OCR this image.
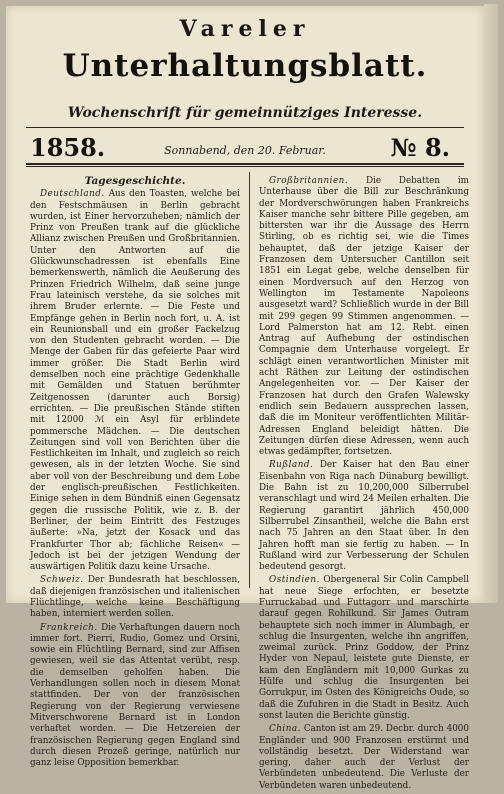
Vareler
Unterhaltungsblatt.
Wochenschrift für gemeinnütziges Interesse.
1858.	Sonnabend, den 20. Februar.	№ 8.

Tagesgeschichte.

Deutschland. Aus den Toasten, welche bei den Festschmäusen in Berlin gebracht wurden, ist Einer hervorzuheben; nämlich der Prinz von Preußen trank auf die glückliche Allianz zwischen Preußen und Großbritannien. Unter den Antworten auf die Glückwunschadressen ist ebenfalls Eine bemerkenswerth, nämlich die Aeußerung des Prinzen Friedrich Wilhelm, daß seine junge Frau lateinisch verstehe, da sie solches mit ihrem Bruder erlernte. — Die Feste und Empfänge gehen in Berlin noch fort, u. A. ist ein Reunionsball und ein großer Fackelzug von den Studenten gebracht worden. — Die Menge der Gaben für das gefeierte Paar wird immer größer. Die Stadt Berlin wird demselben noch eine prächtige Gedenkhalle mit Gemälden und Statuen berühmter Zeitgenossen (darunter auch Borsig) errichten. — Die preußischen Stände stiften mit 12000 ℳ ein Asyl für erblindete pommersche Mädchen. — Die deutschen Zeitungen sind voll von Berichten über die Festlichkeiten im Inhalt, und zugleich so reich gewesen, als in der letzten Woche. Sie sind aber voll von der Beschreibung und dem Lobe der englisch-preußischen Festlichkeiten. Einige sehen in dem Bündniß einen Gegensatz gegen die russische Politik, wie z. B. der Berliner, der beim Eintritt des Festzuges äußerte: »Na, jetzt der Kosack und das Frankfurter Thor ab; fächliche Reisen« — Jedoch ist bei der jetzigen Wendung der auswärtigen Politik dazu keine Ursache.

Schweiz. Der Bundesrath hat beschlossen, daß diejenigen französischen und italienischen Flüchtlinge, welche keine Beschäftigung haben, interniert werden sollen.

Frankreich. Die Verhaftungen dauern noch immer fort. Pierri, Rudio, Gomez und Orsini, sowie ein Flüchtling Bernard, sind zur Affisen gewiesen, weil sie das Attentat verübt, resp. die demselben geholfen haben. Die Verhandlungen sollen noch in diesem Monat stattfinden. Der von der französischen Regierung von der Regierung verwiesene Mitverschworene Bernard ist in London verhaftet worden. — Die Hetzereien der französischen Regierung gegen England sind durch diesen Prozeß geringe, natürlich nur ganz leise Opposition bemerkbar.

Großbritannien. Die Debatten im Unterhause über die Bill zur Beschränkung der Mordverschwörungen haben Frankreichs Kaiser manche sehr bittere Pille gegeben, am bittersten war ihr die Aussage des Herrn Stirling, ob es richtig sei, wie die Times behauptet, daß der jetzige Kaiser der Franzosen dem Untersucher Cantillon seit 1851 ein Legat gebe, welche denselben für einen Mordversuch auf den Herzog von Wellington im Testamente Napoleons ausgesetzt ward? Schließlich wurde in der Bill mit 299 gegen 99 Stimmen angenommen. — Lord Palmerston hat am 12. Rebt. einen Antrag auf Aufhebung der ostindischen Compagnie dem Unterhause vorgelegt. Er schlägt einen verantwortlichen Minister mit acht Räthen zur Leitung der ostindischen Angelegenheiten vor. — Der Kaiser der Franzosen hat durch den Grafen Walewsky endlich sein Bedauern aussprechen lassen, daß die im Moniteur veröffentlichten Militär-Adressen England beleidigt hätten. Die Zeitungen dürfen diese Adressen, wenn auch etwas gedämpfter, fortsetzen.

Rußland. Der Kaiser hat den Bau einer Eisenbahn von Riga nach Dünaburg bewilligt. Die Bahn ist zu 10,200,000 Silberrubel veranschlagt und wird 24 Meilen erhalten. Die Regierung garantirt jährlich 450,000 Silberrubel Zinsantheil, welche die Bahn erst nach 75 Jahren an den Staat über. In den Jahren hofft man sie fertig zu haben. — In Rußland wird zur Verbesserung der Schulen bedeutend gesorgt.

Ostindien. Obergeneral Sir Colin Campbell hat neue Siege erfochten, er besetzte Furruckabad und Futtagorr und marschirte darauf gegen Rohilkund. Sir James Outram behauptete sich noch immer in Alumbagh, er schlug die Insurgenten, welche ihn angriffen, zweimal zurück. Prinz Goddow, der Prinz Hyder von Nepaul, leistete gute Dienste, er kam den Engländern mit 10,000 Gurkas zu Hülfe und schlug die Insurgenten bei Gorrukpur, im Osten des Königreichs Oude, so daß die Zufuhren in die Stadt in Besitz. Auch sonst lauten die Berichte günstig.

China. Canton ist am 29. Decbr. durch 4000 Engländer und 900 Franzosen erstürmt und vollständig besetzt. Der Widerstand war gering, daher auch der Verlust der Verbündeten unbedeutend. Die Verluste der Verbündeten waren unbedeutend.
